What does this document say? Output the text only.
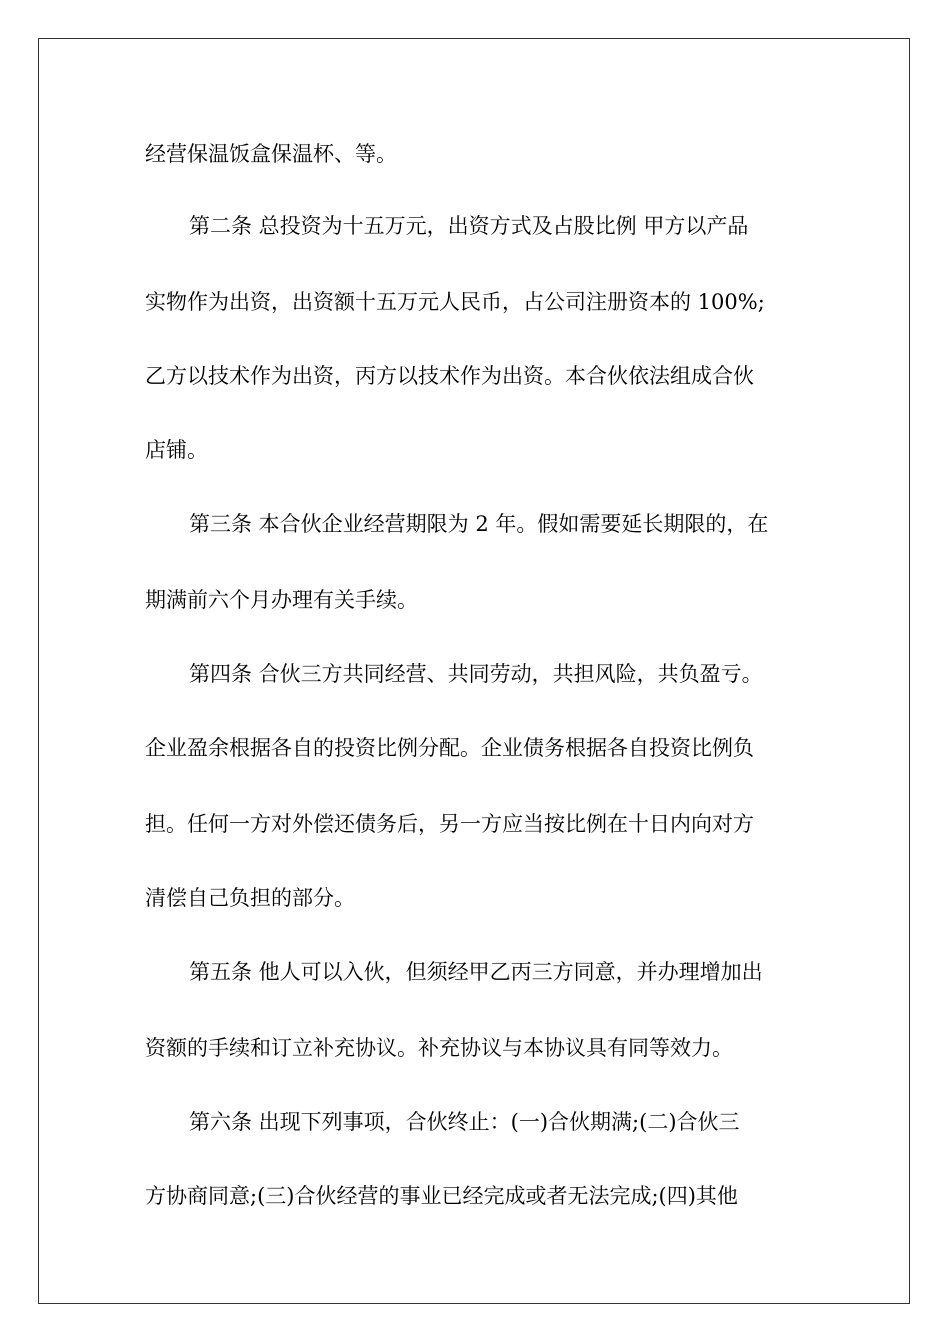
经营保温饭盒保温杯、等。
第二条 总投资为十五万元，出资方式及占股比例 甲方以产品
实物作为出资，出资额十五万元人民币，占公司注册资本的 100%;
乙方以技术作为出资，丙方以技术作为出资。本合伙依法组成合伙
店铺。
第三条 本合伙企业经营期限为 2 年。假如需要延长期限的，在
期满前六个月办理有关手续。
第四条 合伙三方共同经营、共同劳动，共担风险，共负盈亏。
企业盈余根据各自的投资比例分配。企业债务根据各自投资比例负
担。任何一方对外偿还债务后，另一方应当按比例在十日内向对方
清偿自己负担的部分。
第五条 他人可以入伙，但须经甲乙丙三方同意，并办理增加出
资额的手续和订立补充协议。补充协议与本协议具有同等效力。
第六条 出现下列事项，合伙终止：(一)合伙期满;(二)合伙三
方协商同意;(三)合伙经营的事业已经完成或者无法完成;(四)其他
